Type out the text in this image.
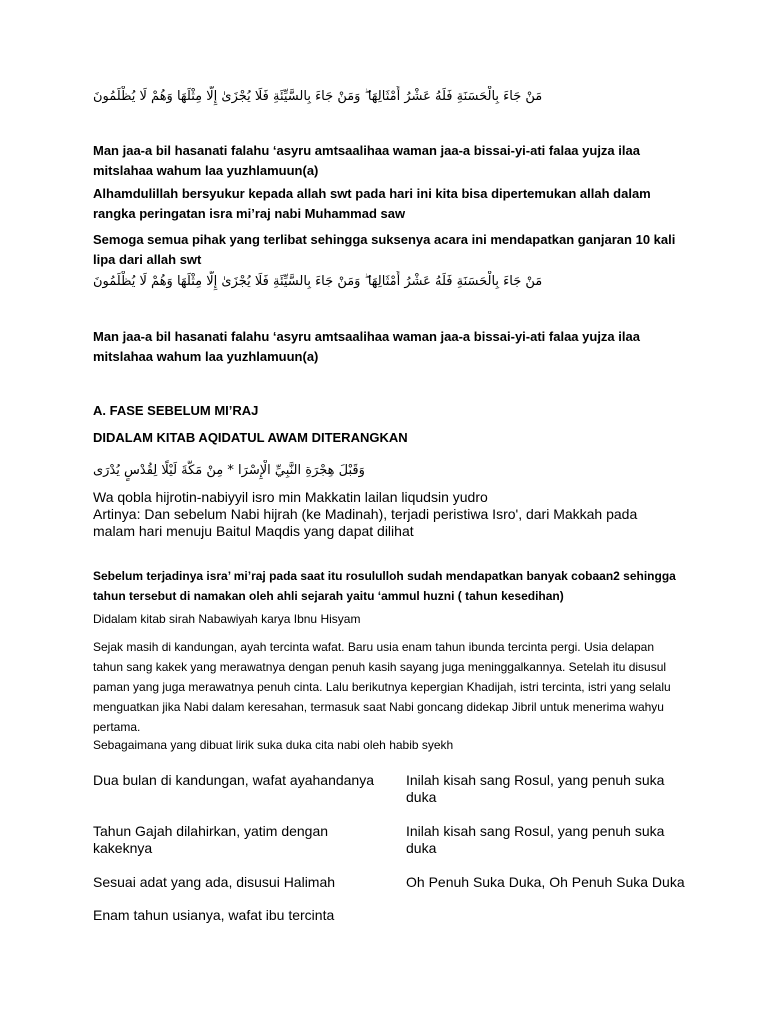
مَنْ جَاءَ بِالْحَسَنَةِ فَلَهُ عَشْرُ أَمْثَالِهَا ۖ وَمَنْ جَاءَ بِالسَّيِّئَةِ فَلَا يُجْزَىٰ إِلَّا مِثْلَهَا وَهُمْ لَا يُظْلَمُونَ
Man jaa-a bil hasanati falahu ‘asyru amtsaalihaa waman jaa-a bissai-yi-ati falaa yujza ilaa mitslahaa wahum laa yuzhlamuun(a)
Alhamdulillah bersyukur kepada allah swt pada hari ini kita bisa dipertemukan allah dalam rangka peringatan isra mi’raj nabi Muhammad saw
Semoga semua pihak yang terlibat sehingga suksenya acara ini mendapatkan ganjaran 10 kali lipa dari allah swt
مَنْ جَاءَ بِالْحَسَنَةِ فَلَهُ عَشْرُ أَمْثَالِهَا ۖ وَمَنْ جَاءَ بِالسَّيِّئَةِ فَلَا يُجْزَىٰ إِلَّا مِثْلَهَا وَهُمْ لَا يُظْلَمُونَ
Man jaa-a bil hasanati falahu ‘asyru amtsaalihaa waman jaa-a bissai-yi-ati falaa yujza ilaa mitslahaa wahum laa yuzhlamuun(a)
A. FASE SEBELUM MI’RAJ
DIDALAM KITAB AQIDATUL AWAM DITERANGKAN
وَقَبْلَ هِجْرَةِ النَّبِيِّ الْإِسْرَا * مِنْ مَكَّةَ لَيْلًا لِقُدْسٍ يُدْرَى
Wa qobla hijrotin-nabiyyil isro min Makkatin lailan liqudsin yudro
Artinya: Dan sebelum Nabi hijrah (ke Madinah), terjadi peristiwa Isro', dari Makkah pada malam hari menuju Baitul Maqdis yang dapat dilihat
Sebelum terjadinya isra’ mi’raj pada saat itu rosululloh sudah mendapatkan banyak cobaan2 sehingga tahun tersebut di namakan oleh ahli sejarah yaitu ‘ammul huzni ( tahun kesedihan)
Didalam kitab sirah Nabawiyah karya Ibnu Hisyam
Sejak masih di kandungan, ayah tercinta wafat. Baru usia enam tahun ibunda tercinta pergi. Usia delapan tahun sang kakek yang merawatnya dengan penuh kasih sayang juga meninggalkannya. Setelah itu disusul paman yang juga merawatnya penuh cinta. Lalu berikutnya kepergian Khadijah, istri tercinta, istri yang selalu menguatkan jika Nabi dalam keresahan, termasuk saat Nabi goncang didekap Jibril untuk menerima wahyu pertama.
Sebagaimana yang dibuat lirik suka duka cita nabi oleh habib syekh
Dua bulan di kandungan, wafat ayahandanya	Inilah kisah sang Rosul, yang penuh suka duka
Tahun Gajah dilahirkan, yatim dengan kakeknya
Inilah kisah sang Rosul, yang penuh suka duka
Sesuai adat yang ada, disusui Halimah	Oh Penuh Suka Duka, Oh Penuh Suka Duka
Enam tahun usianya, wafat ibu tercinta
